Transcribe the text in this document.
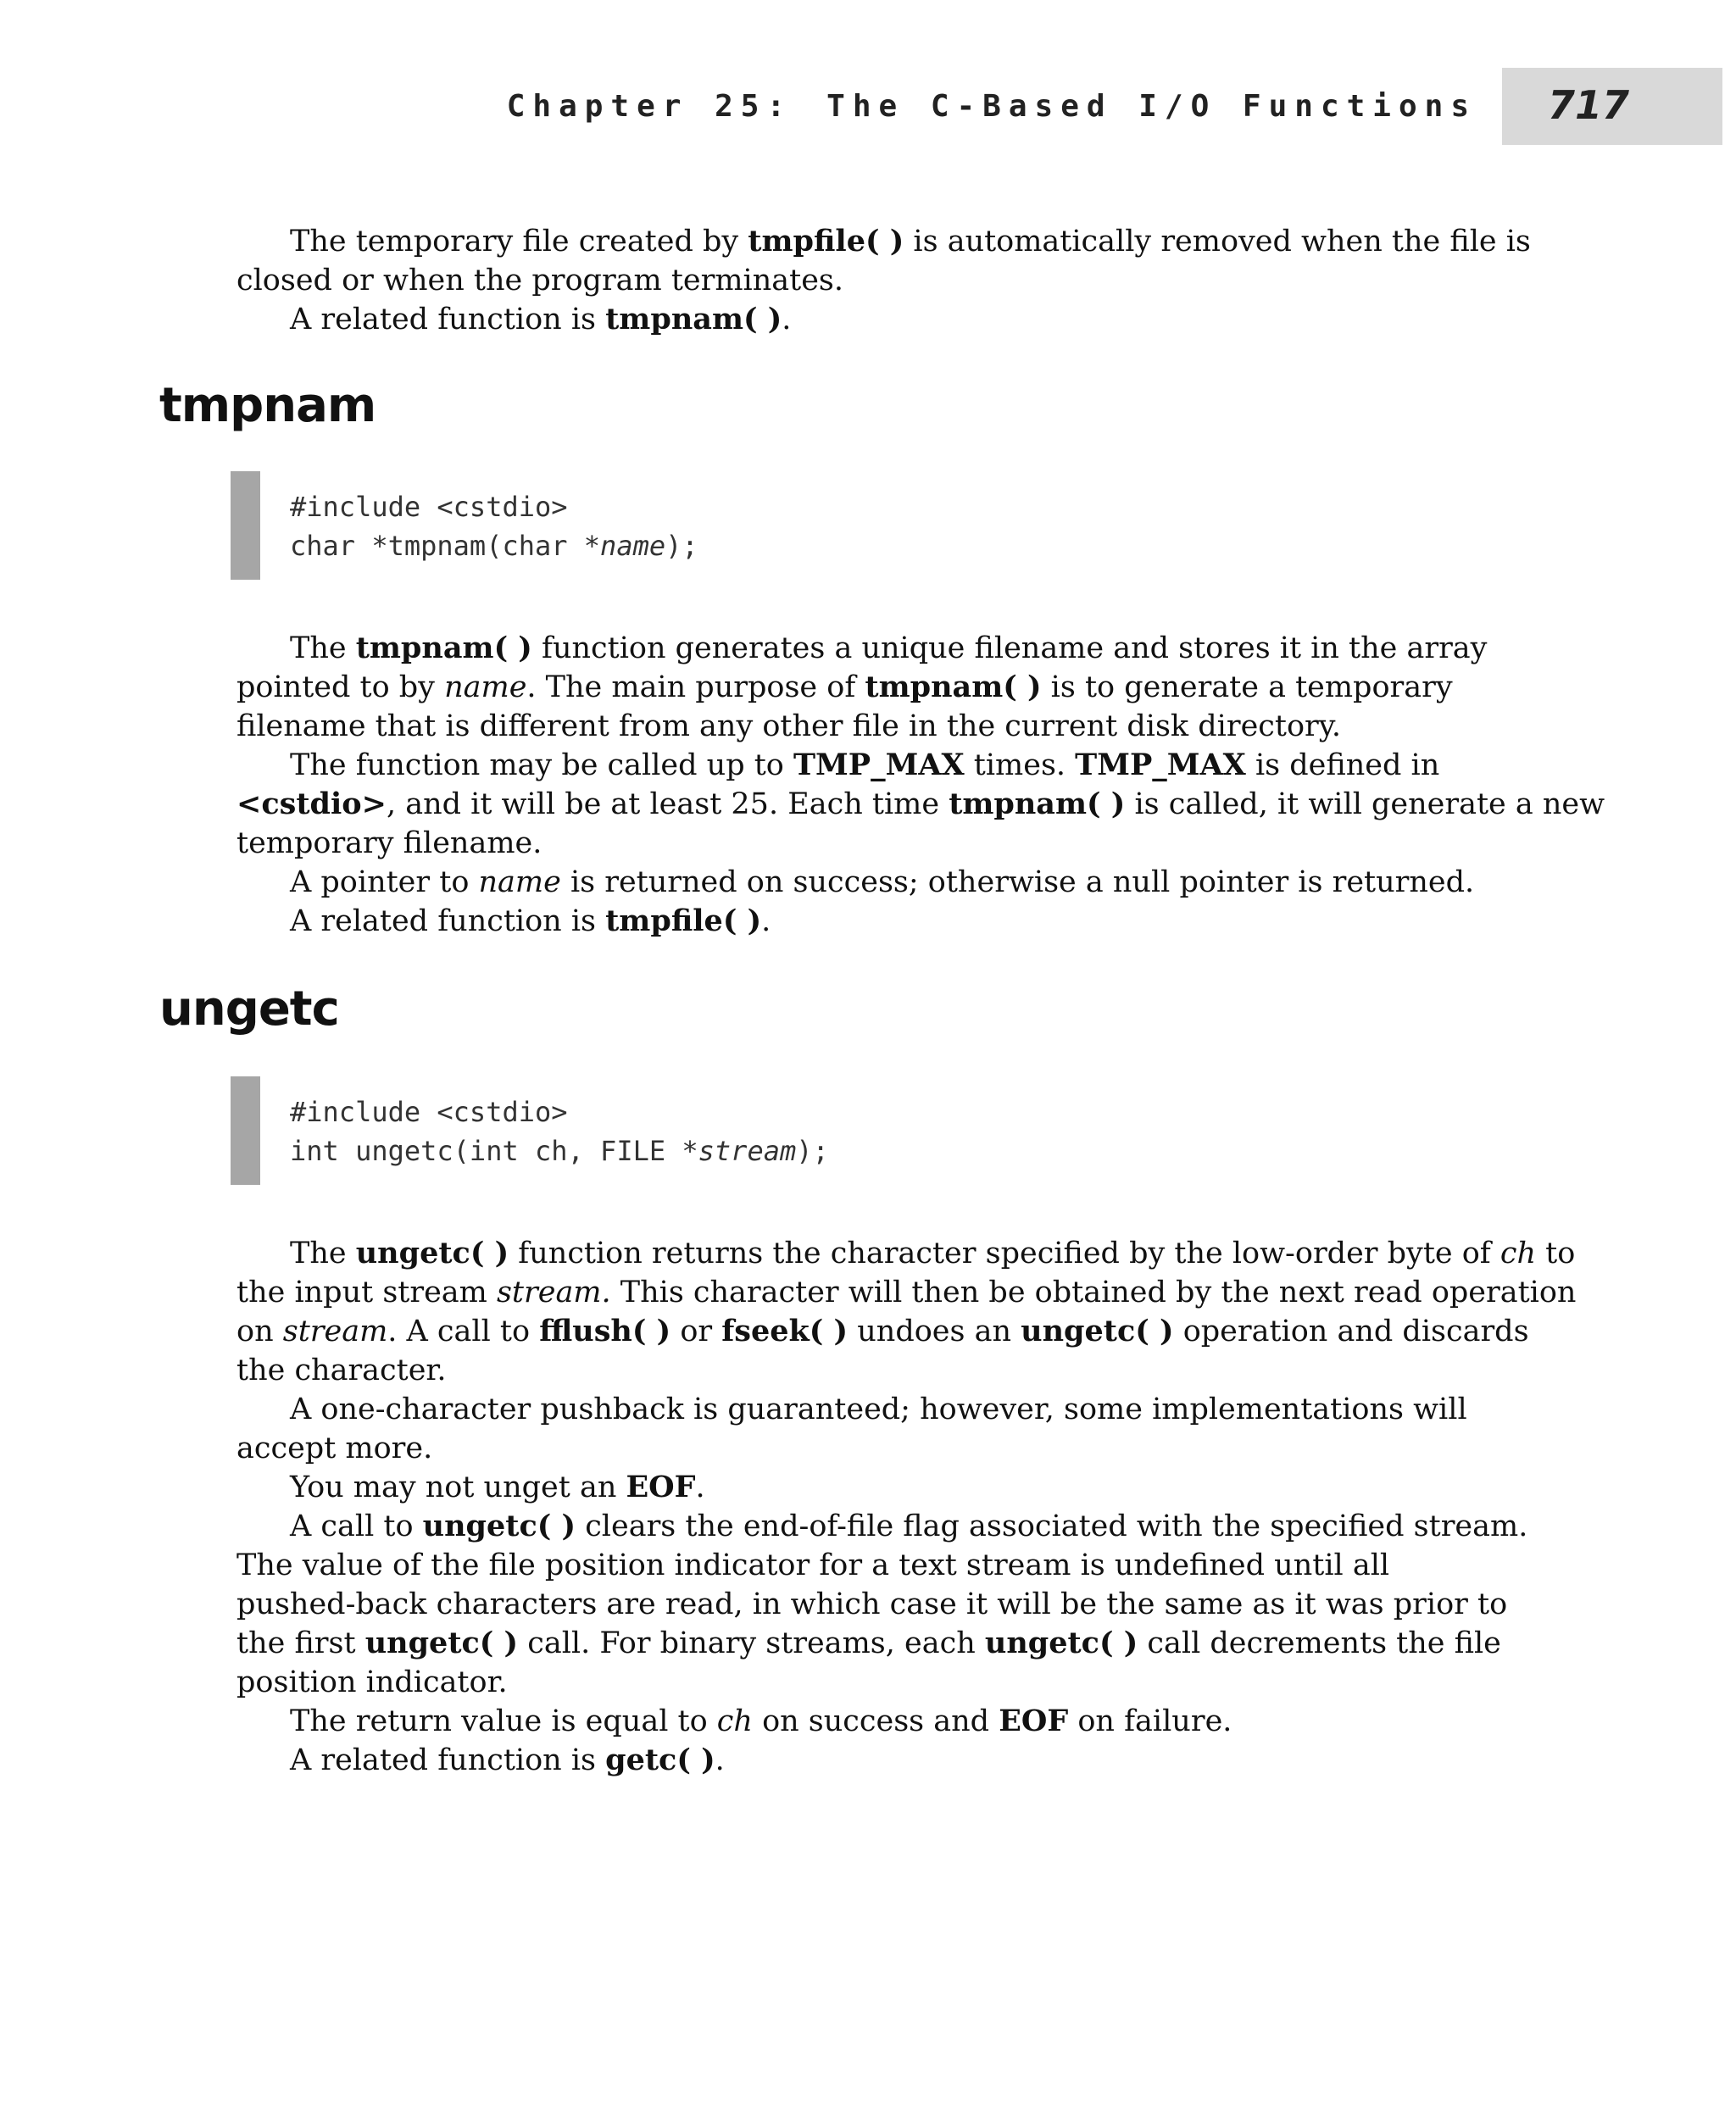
Chapter 25: The C-Based I/O Functions 717

The temporary file created by tmpfile( ) is automatically removed when the file is

closed or when the program terminates.

A related function is tmpnam( ).

tmpnam
#include <cstdio>
char *tmpnam(char *name);

The tmpnam( ) function generates a unique filename and stores it in the array

pointed to by name. The main purpose of tmpnam( ) is to generate a temporary

filename that is different from any other file in the current disk directory.

The function may be called up to TMP_MAX times. TMP_MAX is defined in

<cstdio>, and it will be at least 25. Each time tmpnam( ) is called, it will generate a new

temporary filename.

A pointer to name is returned on success; otherwise a null pointer is returned.

A related function is tmpfile( ).

ungetc
#include <cstdio>
int ungetc(int ch, FILE *stream);

The ungetc( ) function returns the character specified by the low-order byte of ch to

the input stream stream. This character will then be obtained by the next read operation

on stream. A call to fflush( ) or fseek( ) undoes an ungetc( ) operation and discards

the character.

A one-character pushback is guaranteed; however, some implementations will

accept more.

You may not unget an EOF.

A call to ungetc( ) clears the end-of-file flag associated with the specified stream.

The value of the file position indicator for a text stream is undefined until all

pushed-back characters are read, in which case it will be the same as it was prior to

the first ungetc( ) call. For binary streams, each ungetc( ) call decrements the file

position indicator.

The return value is equal to ch on success and EOF on failure.

A related function is getc( ).
